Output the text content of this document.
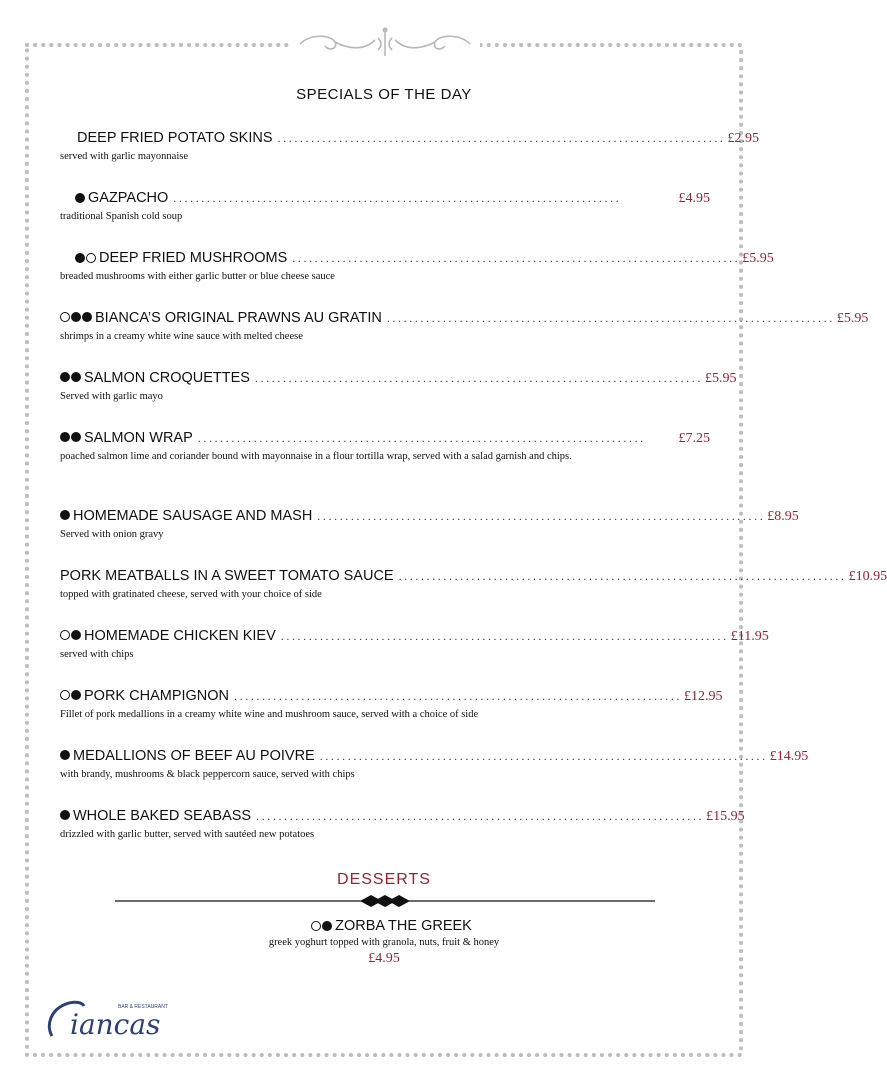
SPECIALS OF THE DAY
DEEP FRIED POTATO SKINS ................................................................................ £2.95
served with garlic mayonnaise
GAZPACHO ................................................................................	£4.95
traditional Spanish cold soup
DEEP FRIED MUSHROOMS ................................................................................ £5.95
breaded mushrooms with either garlic butter or blue cheese sauce
BIANCA’S ORIGINAL PRAWNS AU GRATIN ................................................................................ £5.95
shrimps in a creamy white wine sauce with melted cheese
SALMON CROQUETTES ................................................................................ £5.95
Served with garlic mayo
SALMON WRAP ................................................................................	£7.25
poached salmon lime and coriander bound with mayonnaise in a flour tortilla wrap, served with a salad garnish and chips.
HOMEMADE SAUSAGE AND MASH ................................................................................ £8.95
Served with onion gravy
PORK MEATBALLS IN A SWEET TOMATO SAUCE ................................................................................ £10.95
topped with gratinated cheese, served with your choice of side
HOMEMADE CHICKEN KIEV ................................................................................ £11.95
served with chips
PORK CHAMPIGNON ................................................................................ £12.95
Fillet of pork medallions in a creamy white wine and mushroom sauce, served with a choice of side
MEDALLIONS OF BEEF AU POIVRE ................................................................................ £14.95
with brandy, mushrooms & black peppercorn sauce, served with chips
WHOLE BAKED SEABASS ................................................................................ £15.95
drizzled with garlic butter, served with sautéed new potatoes
DESSERTS
ZORBA THE GREEK
greek yoghurt topped with granola, nuts, fruit & honey
£4.95
iancas
BAR & RESTAURANT
